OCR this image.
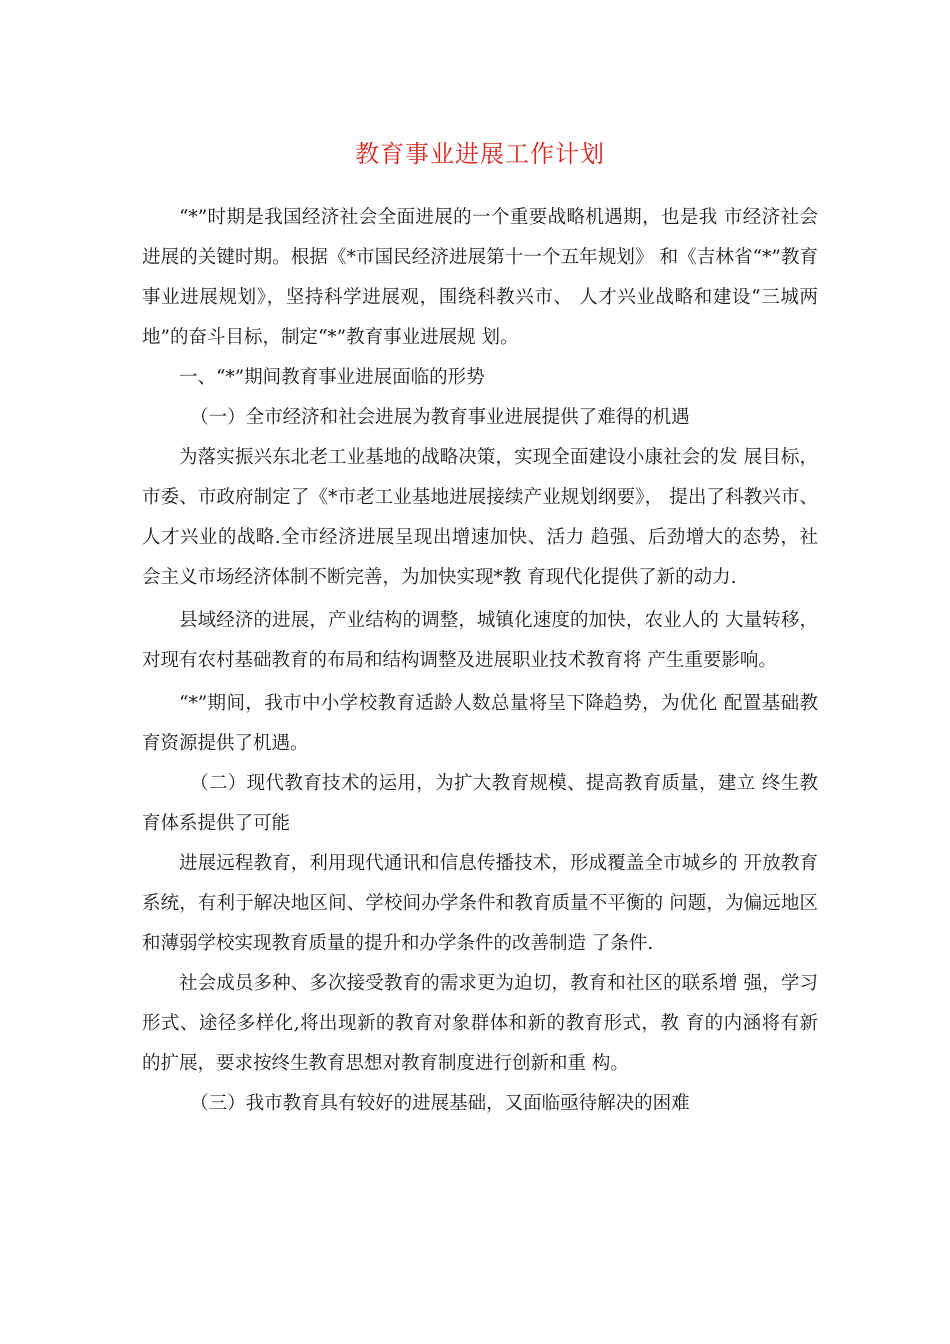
教育事业进展工作计划

“*”时期是我国经济社会全面进展的一个重要战略机遇期，也是我 市经济社会进展的关键时期。根据《*市国民经济进展第十一个五年规划》 和《吉林省“*”教育事业进展规划》，坚持科学进展观，围绕科教兴市、 人才兴业战略和建设“三城两地”的奋斗目标，制定“*”教育事业进展规 划。

一、“*”期间教育事业进展面临的形势

（一）全市经济和社会进展为教育事业进展提供了难得的机遇

为落实振兴东北老工业基地的战略决策，实现全面建设小康社会的发 展目标，市委、市政府制定了《*市老工业基地进展接续产业规划纲要》， 提出了科教兴市、人才兴业的战略.全市经济进展呈现出增速加快、活力 趋强、后劲增大的态势，社会主义市场经济体制不断完善，为加快实现*教 育现代化提供了新的动力.

县域经济的进展，产业结构的调整，城镇化速度的加快，农业人的 大量转移，对现有农村基础教育的布局和结构调整及进展职业技术教育将 产生重要影响。

“*”期间，我市中小学校教育适龄人数总量将呈下降趋势，为优化 配置基础教育资源提供了机遇。

（二）现代教育技术的运用，为扩大教育规模、提高教育质量，建立 终生教育体系提供了可能

进展远程教育，利用现代通讯和信息传播技术，形成覆盖全市城乡的 开放教育系统，有利于解决地区间、学校间办学条件和教育质量不平衡的 问题，为偏远地区和薄弱学校实现教育质量的提升和办学条件的改善制造 了条件.

社会成员多种、多次接受教育的需求更为迫切，教育和社区的联系增 强，学习形式、途径多样化,将出现新的教育对象群体和新的教育形式，教 育的内涵将有新的扩展，要求按终生教育思想对教育制度进行创新和重 构。

（三）我市教育具有较好的进展基础，又面临亟待解决的困难
